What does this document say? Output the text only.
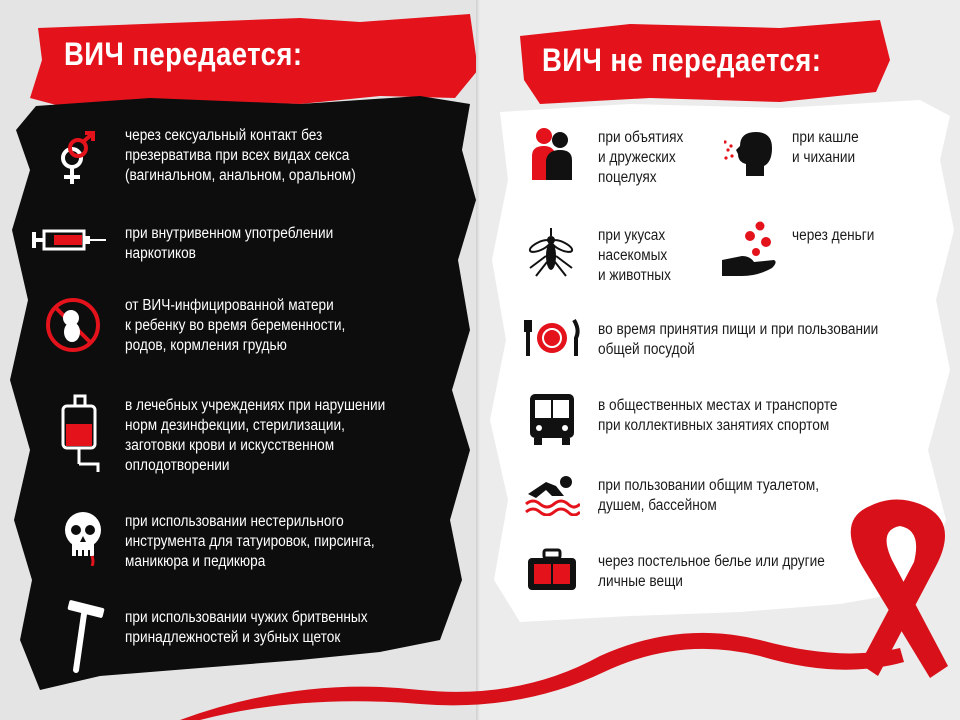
ВИЧ передается:
через сексуальный контакт без
презерватива при всех видах секса
(вагинальном, анальном, оральном)
при внутривенном употреблении
наркотиков
от ВИЧ-инфицированной матери
к ребенку во время беременности,
родов, кормления грудью
в лечебных учреждениях при нарушении
норм дезинфекции, стерилизации,
заготовки крови и искусственном
оплодотворении
при использовании нестерильного
инструмента для татуировок, пирсинга,
маникюра и педикюра
при использовании чужих бритвенных
принадлежностей и зубных щеток
ВИЧ не передается:
при объятиях
и дружеских
поцелуях
при кашле
и чихании
при укусах
насекомых
и животных
через деньги
во время принятия пищи и при пользовании
общей посудой
в общественных местах и транспорте
при коллективных занятиях спортом
при пользовании общим туалетом,
душем, бассейном
через постельное белье или другие
личные вещи
